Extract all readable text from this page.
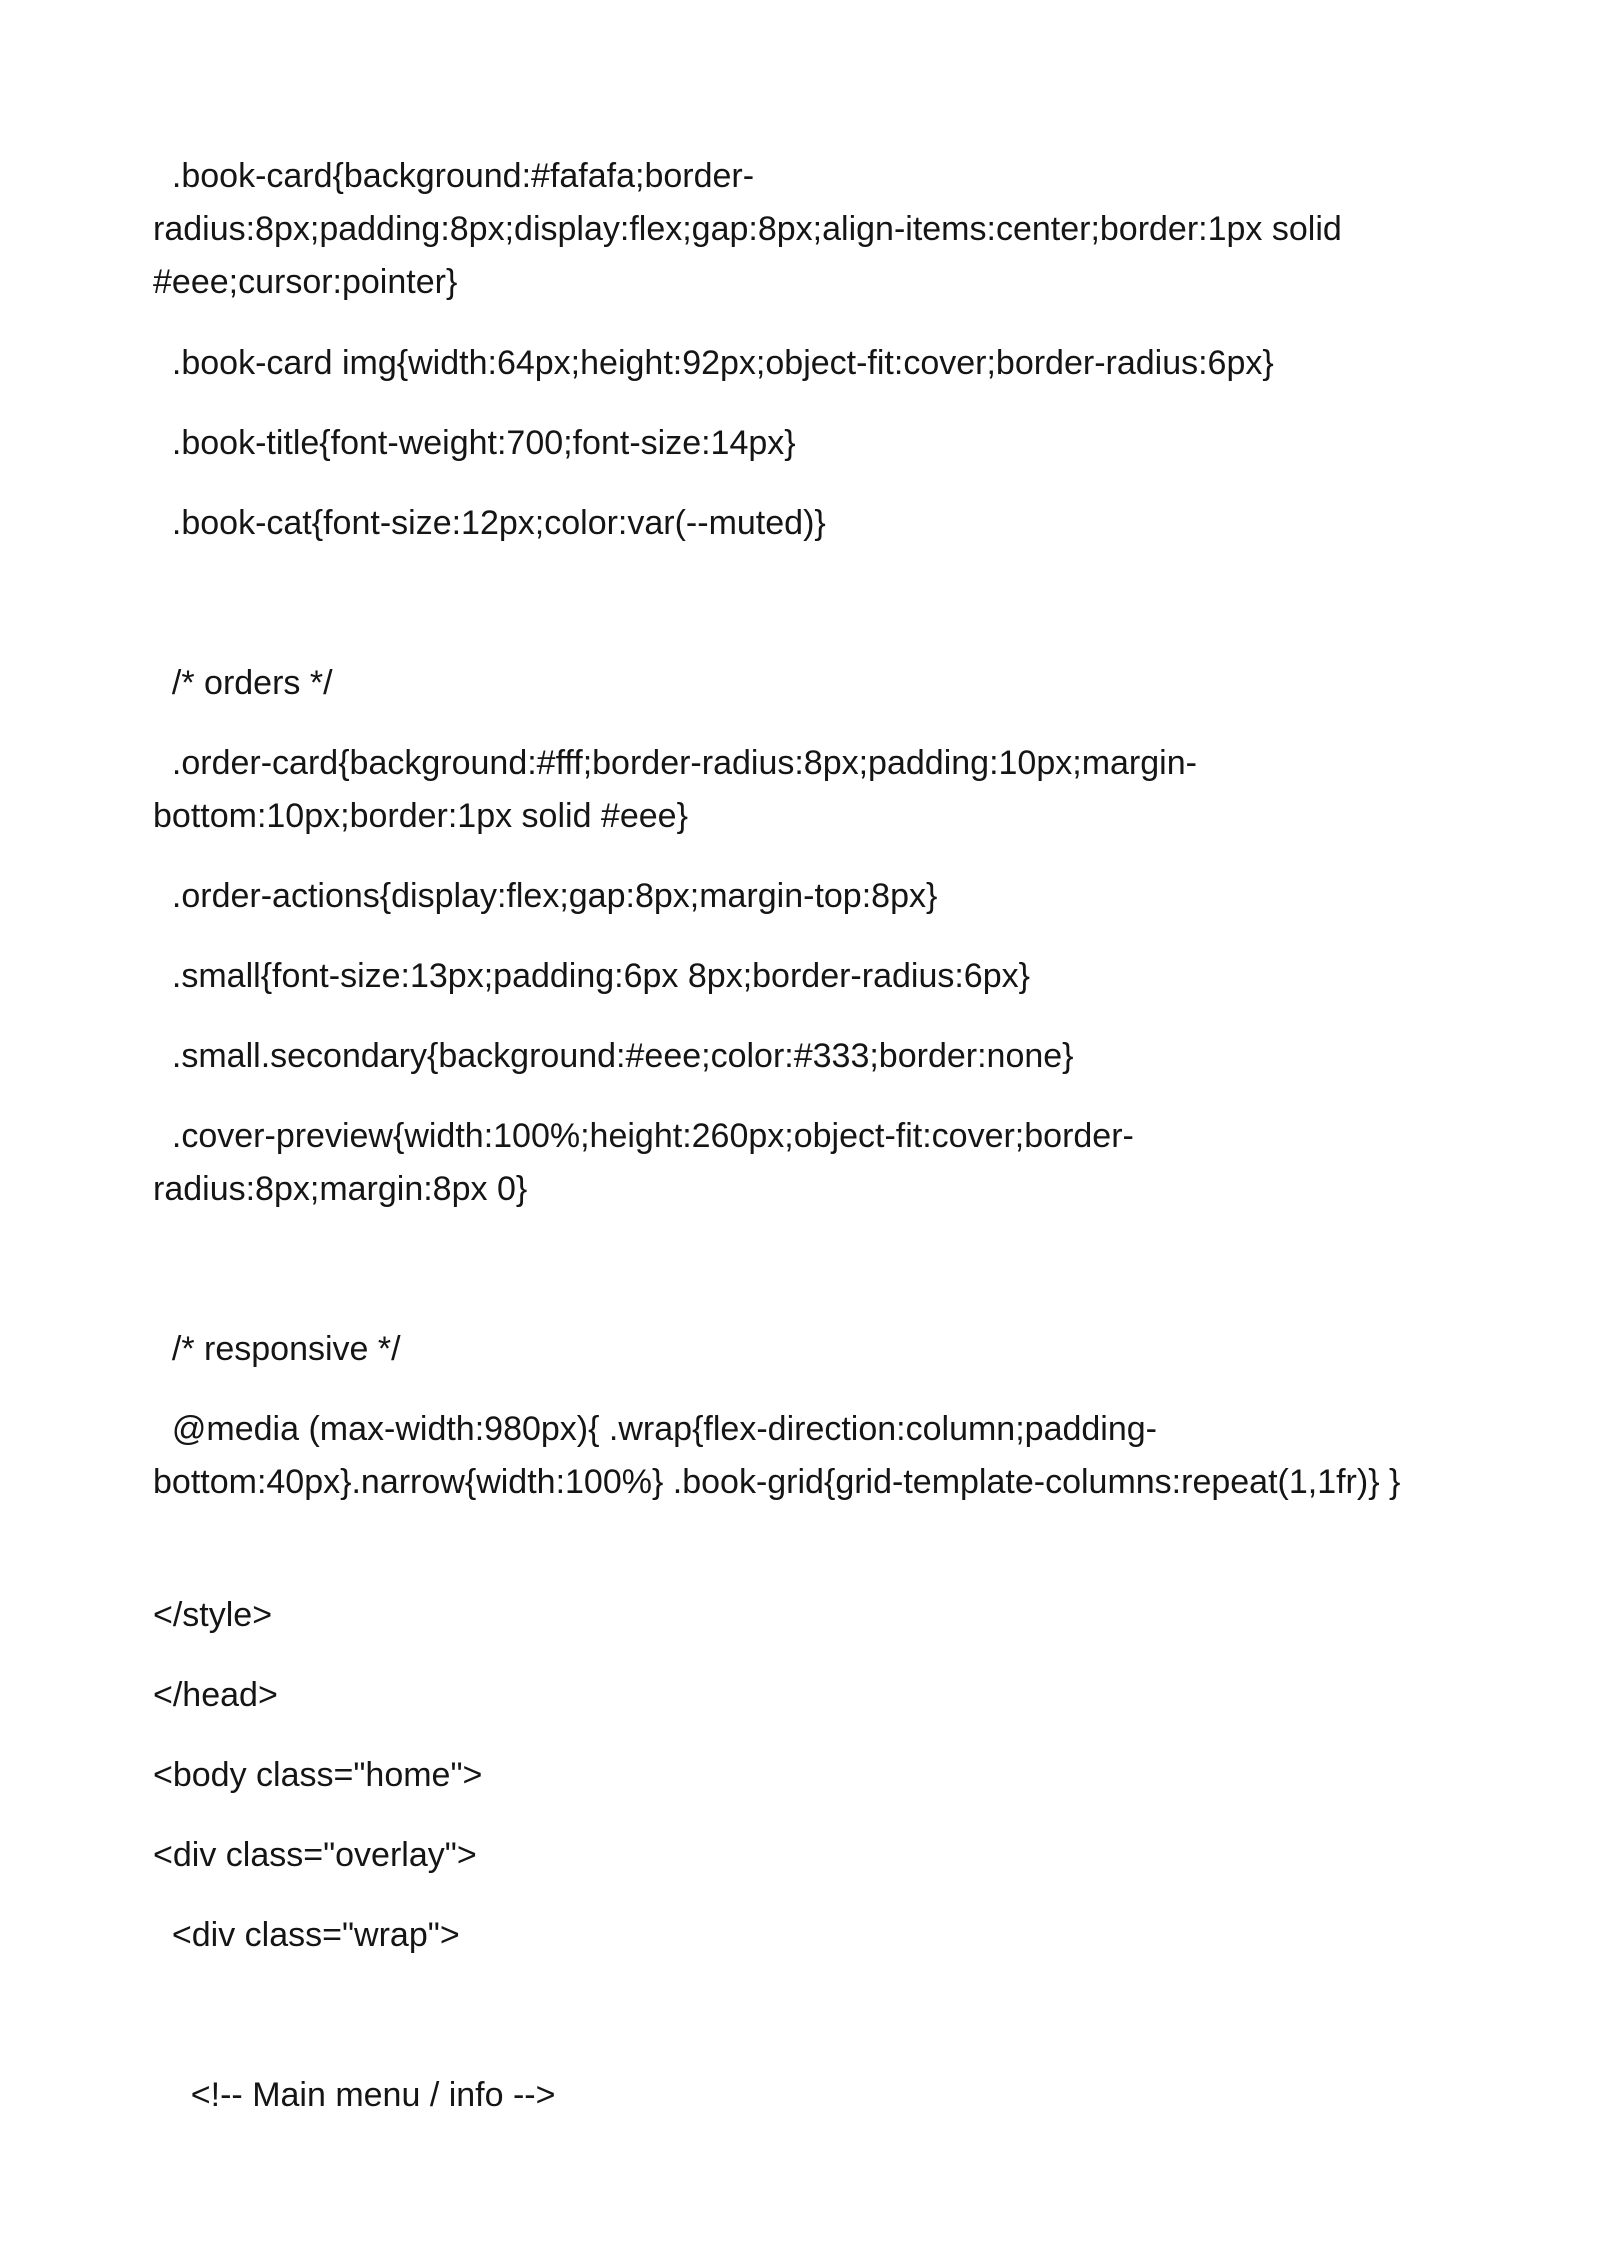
.book-card{background:#fafafa;border-radius:8px;padding:8px;display:flex;gap:8px;align-items:center;border:1px solid #eee;cursor:pointer}

.book-card img{width:64px;height:92px;object-fit:cover;border-radius:6px}

.book-title{font-weight:700;font-size:14px}

.book-cat{font-size:12px;color:var(--muted)}

/* orders */

.order-card{background:#fff;border-radius:8px;padding:10px;margin-bottom:10px;border:1px solid #eee}

.order-actions{display:flex;gap:8px;margin-top:8px}

.small{font-size:13px;padding:6px 8px;border-radius:6px}

.small.secondary{background:#eee;color:#333;border:none}

.cover-preview{width:100%;height:260px;object-fit:cover;border-radius:8px;margin:8px 0}

/* responsive */

@media (max-width:980px){ .wrap{flex-direction:column;padding-bottom:40px}.narrow{width:100%} .book-grid{grid-template-columns:repeat(1,1fr)} }

</style>

</head>

<body class="home">

<div class="overlay">

<div class="wrap">

<!-- Main menu / info -->
